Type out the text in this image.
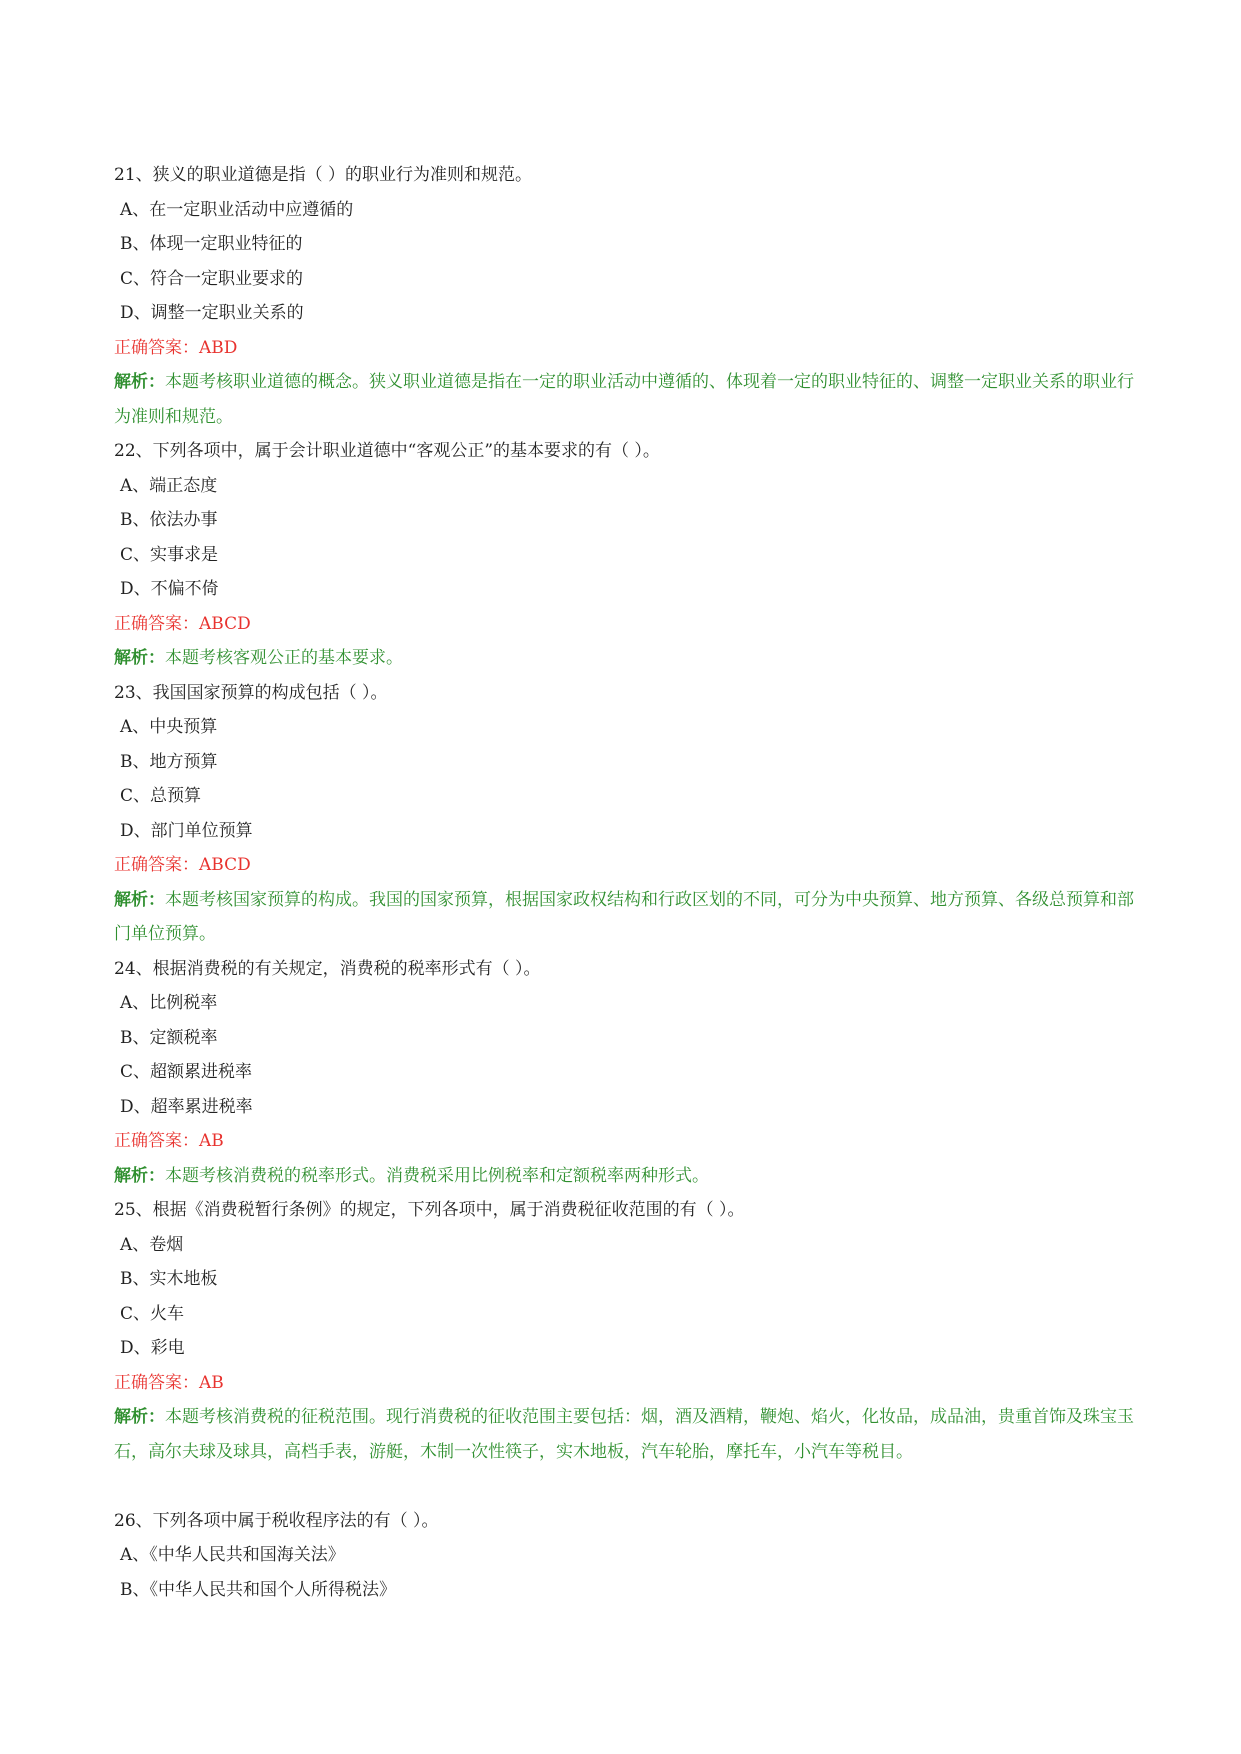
21、狭义的职业道德是指（ ）的职业行为准则和规范。
A、在一定职业活动中应遵循的
B、体现一定职业特征的
C、符合一定职业要求的
D、调整一定职业关系的
正确答案：ABD
解析：本题考核职业道德的概念。狭义职业道德是指在一定的职业活动中遵循的、体现着一定的职业特征的、调整一定职业关系的职业行为准则和规范。
22、下列各项中，属于会计职业道德中“客观公正”的基本要求的有（ ）。
A、端正态度
B、依法办事
C、实事求是
D、不偏不倚
正确答案：ABCD
解析：本题考核客观公正的基本要求。
23、我国国家预算的构成包括（ ）。
A、中央预算
B、地方预算
C、总预算
D、部门单位预算
正确答案：ABCD
解析：本题考核国家预算的构成。我国的国家预算，根据国家政权结构和行政区划的不同，可分为中央预算、地方预算、各级总预算和部门单位预算。
24、根据消费税的有关规定，消费税的税率形式有（ ）。
A、比例税率
B、定额税率
C、超额累进税率
D、超率累进税率
正确答案：AB
解析：本题考核消费税的税率形式。消费税采用比例税率和定额税率两种形式。
25、根据《消费税暂行条例》的规定，下列各项中，属于消费税征收范围的有（ ）。
A、卷烟
B、实木地板
C、火车
D、彩电
正确答案：AB
解析：本题考核消费税的征税范围。现行消费税的征收范围主要包括：烟，酒及酒精，鞭炮、焰火，化妆品，成品油，贵重首饰及珠宝玉石，高尔夫球及球具，高档手表，游艇，木制一次性筷子，实木地板，汽车轮胎，摩托车，小汽车等税目。
26、下列各项中属于税收程序法的有（ ）。
A、《中华人民共和国海关法》
B、《中华人民共和国个人所得税法》
